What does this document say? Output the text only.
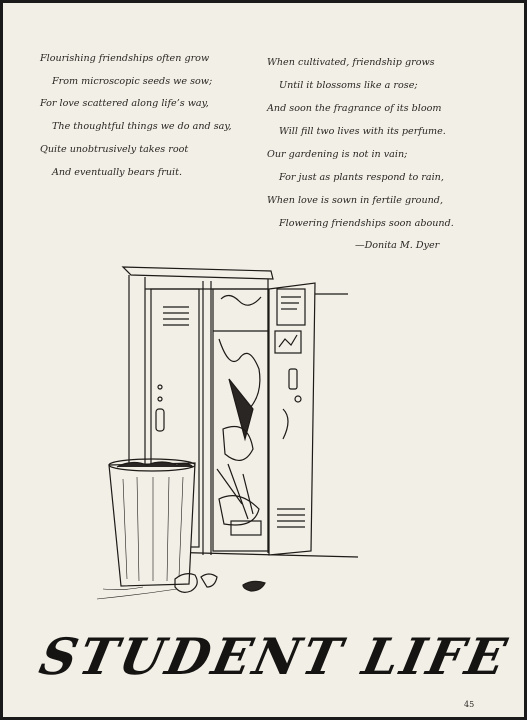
Flourishing friendships often grow
From microscopic seeds we sow;
For love scattered along life’s way,
The thoughtful things we do and say,
Quite unobtrusively takes root
And eventually bears fruit.
When cultivated, friendship grows
Until it blossoms like a rose;
And soon the fragrance of its bloom
Will fill two lives with its perfume.
Our gardening is not in vain;
For just as plants respond to rain,
When love is sown in fertile ground,
Flowering friendships soon abound.
—Donita M. Dyer
STUDENT LIFE
45
